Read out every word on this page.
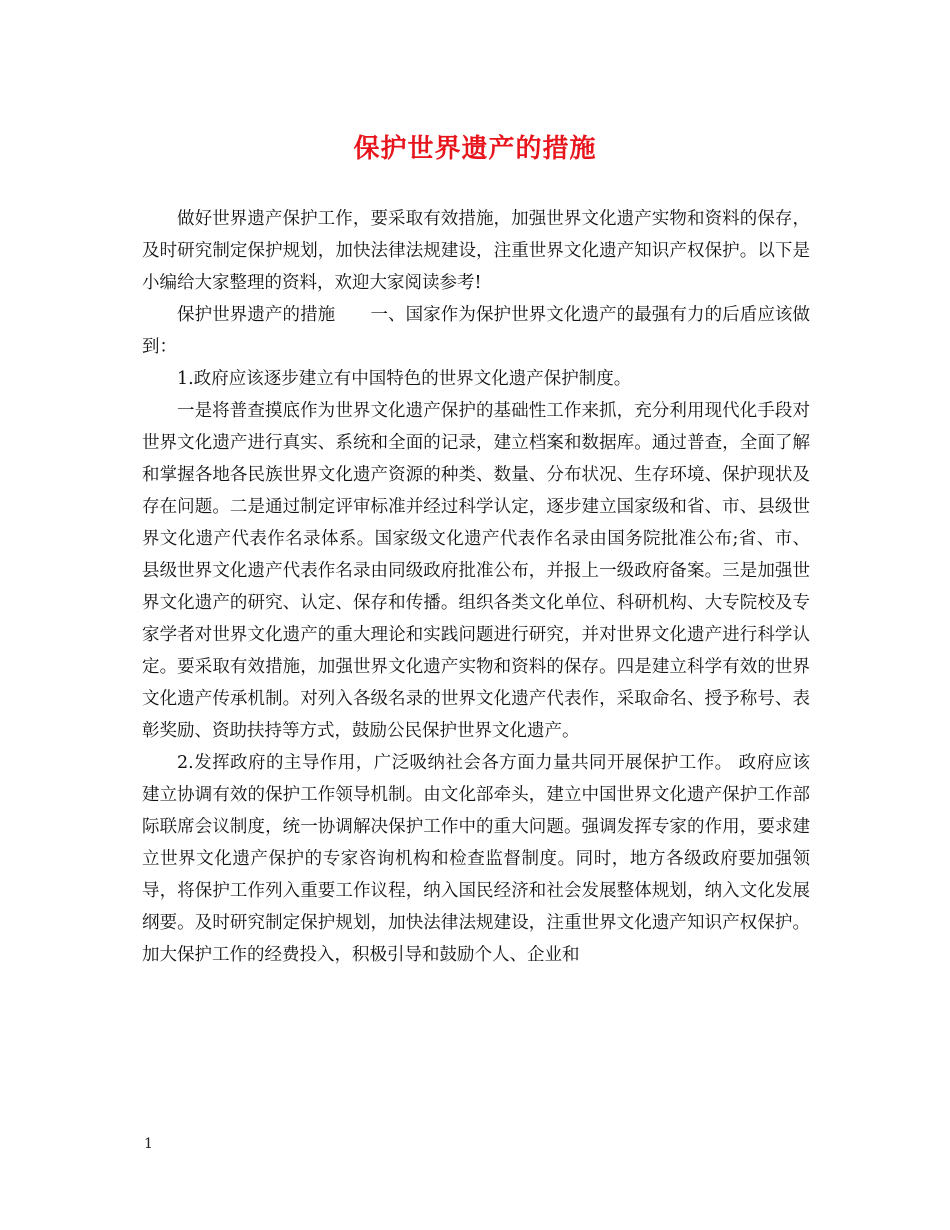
保护世界遗产的措施

做好世界遗产保护工作，要采取有效措施，加强世界文化遗产实物和资料的保存，及时研究制定保护规划，加快法律法规建设，注重世界文化遗产知识产权保护。以下是小编给大家整理的资料，欢迎大家阅读参考!

保护世界遗产的措施　　一、国家作为保护世界文化遗产的最强有力的后盾应该做到：

1.政府应该逐步建立有中国特色的世界文化遗产保护制度。

一是将普查摸底作为世界文化遗产保护的基础性工作来抓，充分利用现代化手段对世界文化遗产进行真实、系统和全面的记录，建立档案和数据库。通过普查，全面了解和掌握各地各民族世界文化遗产资源的种类、数量、分布状况、生存环境、保护现状及存在问题。二是通过制定评审标准并经过科学认定，逐步建立国家级和省、市、县级世界文化遗产代表作名录体系。国家级文化遗产代表作名录由国务院批准公布;省、市、县级世界文化遗产代表作名录由同级政府批准公布，并报上一级政府备案。三是加强世界文化遗产的研究、认定、保存和传播。组织各类文化单位、科研机构、大专院校及专家学者对世界文化遗产的重大理论和实践问题进行研究，并对世界文化遗产进行科学认定。要采取有效措施，加强世界文化遗产实物和资料的保存。四是建立科学有效的世界文化遗产传承机制。对列入各级名录的世界文化遗产代表作，采取命名、授予称号、表彰奖励、资助扶持等方式，鼓励公民保护世界文化遗产。

2.发挥政府的主导作用，广泛吸纳社会各方面力量共同开展保护工作。 政府应该建立协调有效的保护工作领导机制。由文化部牵头，建立中国世界文化遗产保护工作部际联席会议制度，统一协调解决保护工作中的重大问题。强调发挥专家的作用，要求建立世界文化遗产保护的专家咨询机构和检查监督制度。同时，地方各级政府要加强领导，将保护工作列入重要工作议程，纳入国民经济和社会发展整体规划，纳入文化发展纲要。及时研究制定保护规划，加快法律法规建设，注重世界文化遗产知识产权保护。加大保护工作的经费投入，积极引导和鼓励个人、企业和

1
